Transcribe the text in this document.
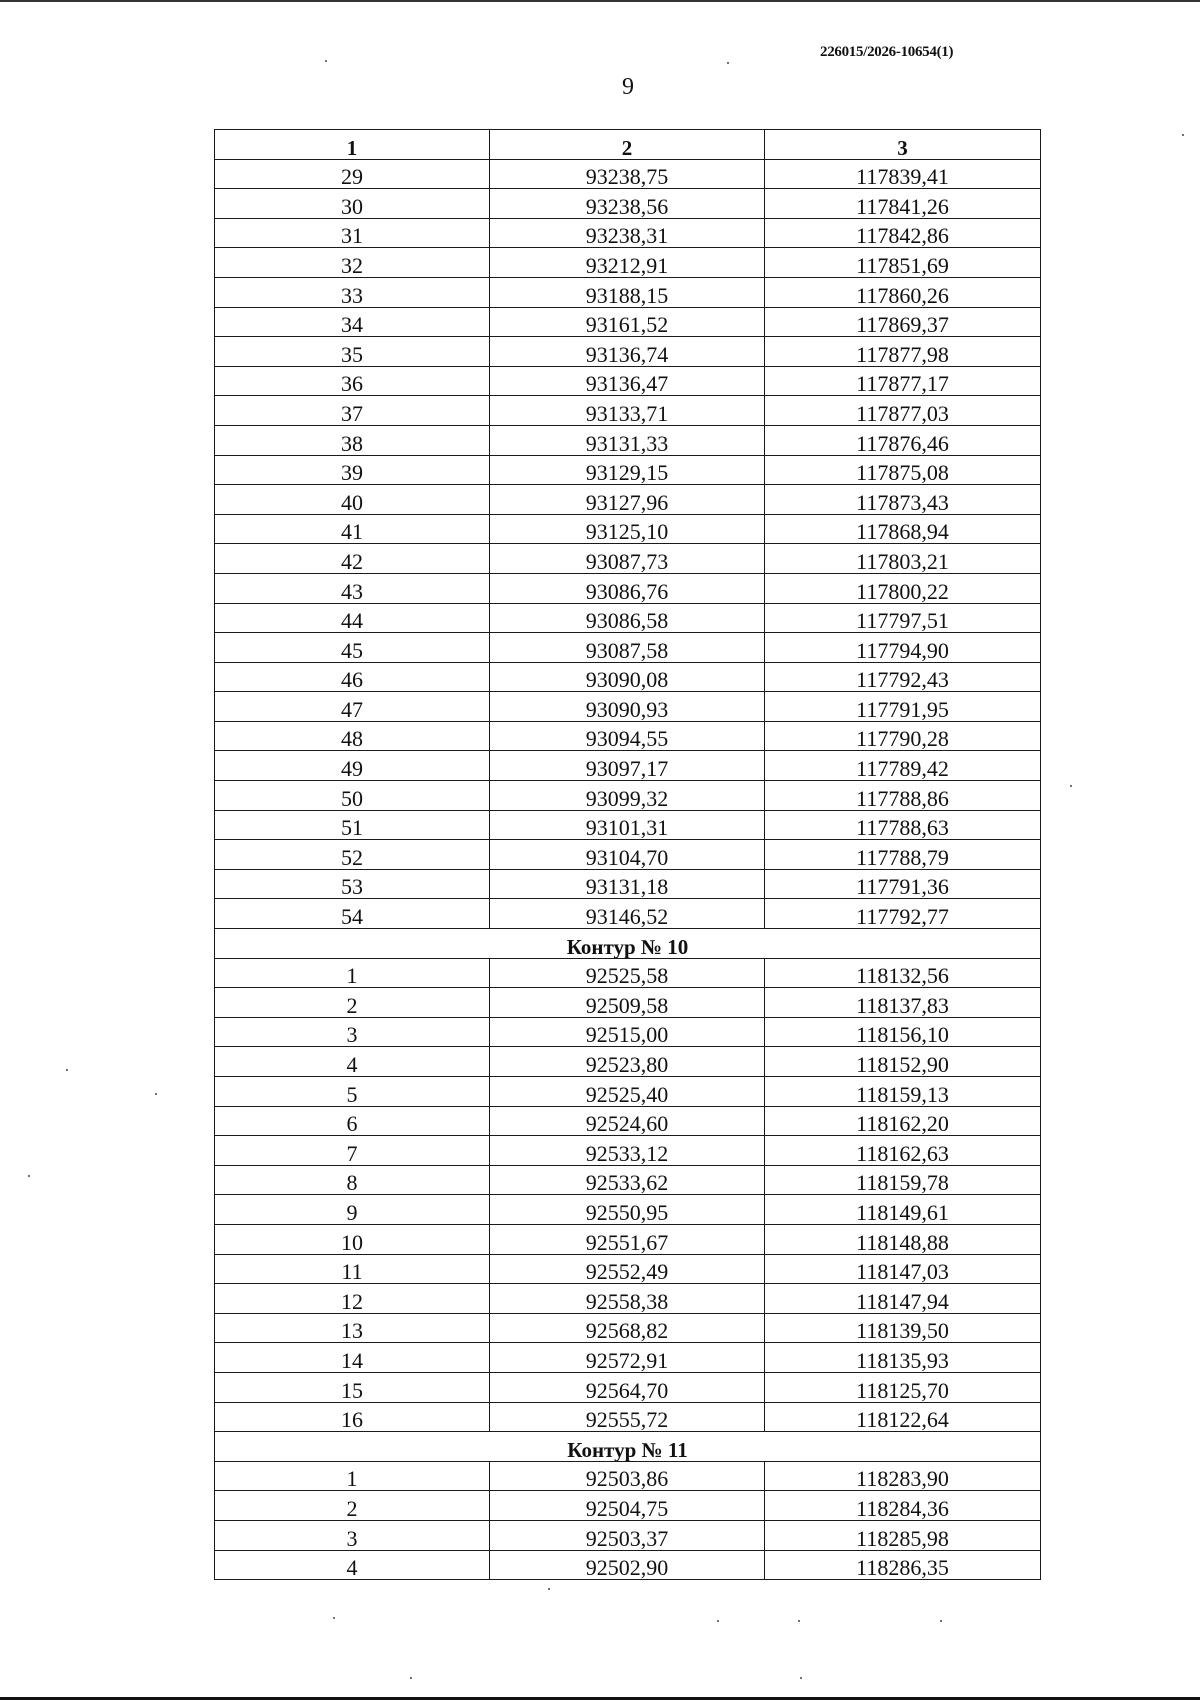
226015/2026-10654(1)
9
1	2	3
29	93238,75	117839,41
30	93238,56	117841,26
31	93238,31	117842,86
32	93212,91	117851,69
33	93188,15	117860,26
34	93161,52	117869,37
35	93136,74	117877,98
36	93136,47	117877,17
37	93133,71	117877,03
38	93131,33	117876,46
39	93129,15	117875,08
40	93127,96	117873,43
41	93125,10	117868,94
42	93087,73	117803,21
43	93086,76	117800,22
44	93086,58	117797,51
45	93087,58	117794,90
46	93090,08	117792,43
47	93090,93	117791,95
48	93094,55	117790,28
49	93097,17	117789,42
50	93099,32	117788,86
51	93101,31	117788,63
52	93104,70	117788,79
53	93131,18	117791,36
54	93146,52	117792,77
Контур № 10		
1	92525,58	118132,56
2	92509,58	118137,83
3	92515,00	118156,10
4	92523,80	118152,90
5	92525,40	118159,13
6	92524,60	118162,20
7	92533,12	118162,63
8	92533,62	118159,78
9	92550,95	118149,61
10	92551,67	118148,88
11	92552,49	118147,03
12	92558,38	118147,94
13	92568,82	118139,50
14	92572,91	118135,93
15	92564,70	118125,70
16	92555,72	118122,64
Контур № 11		
1	92503,86	118283,90
2	92504,75	118284,36
3	92503,37	118285,98
4	92502,90	118286,35
